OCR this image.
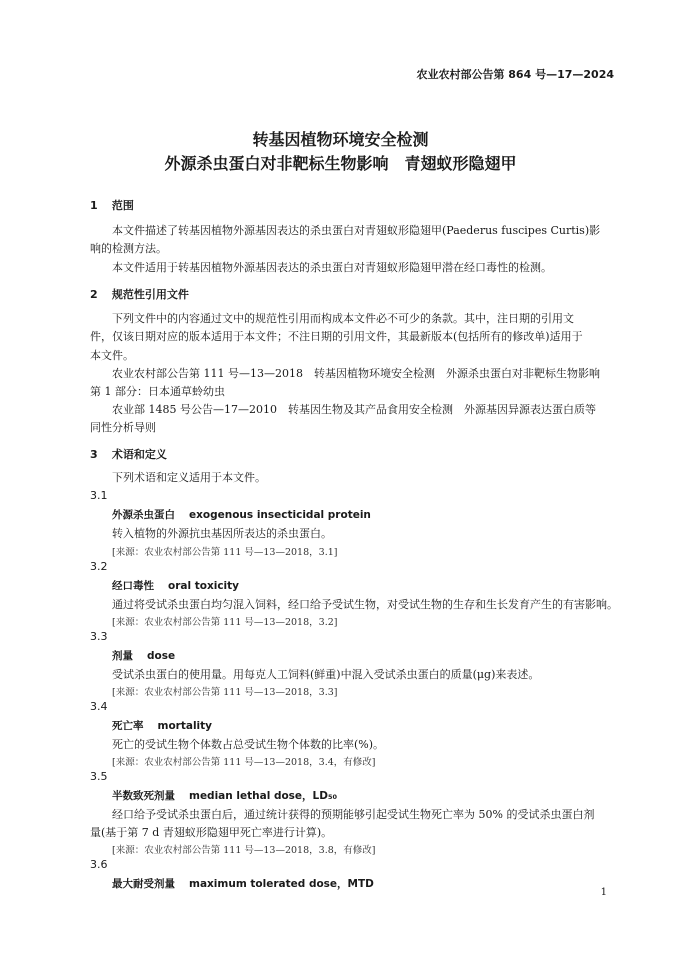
农业农村部公告第 864 号—17—2024
转基因植物环境安全检测
外源杀虫蛋白对非靶标生物影响　青翅蚁形隐翅甲
1 范围
本文件描述了转基因植物外源基因表达的杀虫蛋白对青翅蚁形隐翅甲(Paederus fuscipes Curtis)影
响的检测方法。
本文件适用于转基因植物外源基因表达的杀虫蛋白对青翅蚁形隐翅甲潜在经口毒性的检测。
2 规范性引用文件
下列文件中的内容通过文中的规范性引用而构成本文件必不可少的条款。其中，注日期的引用文
件，仅该日期对应的版本适用于本文件；不注日期的引用文件，其最新版本(包括所有的修改单)适用于
本文件。
农业农村部公告第 111 号—13—2018　转基因植物环境安全检测　外源杀虫蛋白对非靶标生物影响
第 1 部分：日本通草蛉幼虫
农业部 1485 号公告—17—2010　转基因生物及其产品食用安全检测　外源基因异源表达蛋白质等
同性分析导则
3 术语和定义
下列术语和定义适用于本文件。
3.1
外源杀虫蛋白 exogenous insecticidal protein
转入植物的外源抗虫基因所表达的杀虫蛋白。
[来源：农业农村部公告第 111 号—13—2018，3.1]
3.2
经口毒性 oral toxicity
通过将受试杀虫蛋白均匀混入饲料，经口给予受试生物，对受试生物的生存和生长发育产生的有害影响。
[来源：农业农村部公告第 111 号—13—2018，3.2]
3.3
剂量 dose
受试杀虫蛋白的使用量。用每克人工饲料(鲜重)中混入受试杀虫蛋白的质量(μg)来表述。
[来源：农业农村部公告第 111 号—13—2018，3.3]
3.4
死亡率 mortality
死亡的受试生物个体数占总受试生物个体数的比率(%)。
[来源：农业农村部公告第 111 号—13—2018，3.4，有修改]
3.5
半数致死剂量 median lethal dose，LD₅₀
经口给予受试杀虫蛋白后，通过统计获得的预期能够引起受试生物死亡率为 50% 的受试杀虫蛋白剂
量(基于第 7 d 青翅蚁形隐翅甲死亡率进行计算)。
[来源：农业农村部公告第 111 号—13—2018，3.8，有修改]
3.6
最大耐受剂量 maximum tolerated dose，MTD
1
